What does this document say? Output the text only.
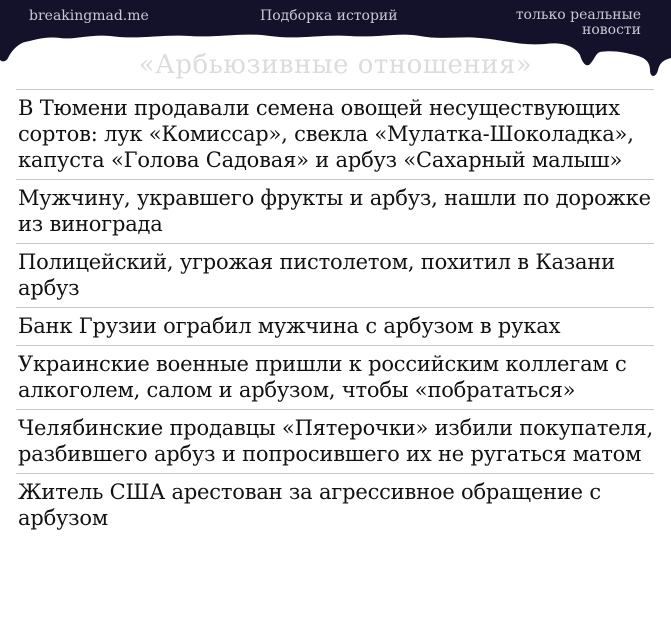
breakingmad.me	Подборка историй	только реальные
новости
«Арбьюзивные отношения»
В Тюмени продавали семена овощей несуществующих сортов: лук «Комиссар», свекла «Мулатка-Шоколадка», капуста «Голова Садовая» и арбуз «Сахарный малыш»
Мужчину, укравшего фрукты и арбуз, нашли по дорожке из винограда
Полицейский, угрожая пистолетом, похитил в Казани арбуз
Банк Грузии ограбил мужчина с арбузом в руках
Украинские военные пришли к российским коллегам с алкоголем, салом и арбузом, чтобы «побрататься»
Челябинские продавцы «Пятерочки» избили покупателя, разбившего арбуз и попросившего их не ругаться матом
Житель США арестован за агрессивное обращение с арбузом
